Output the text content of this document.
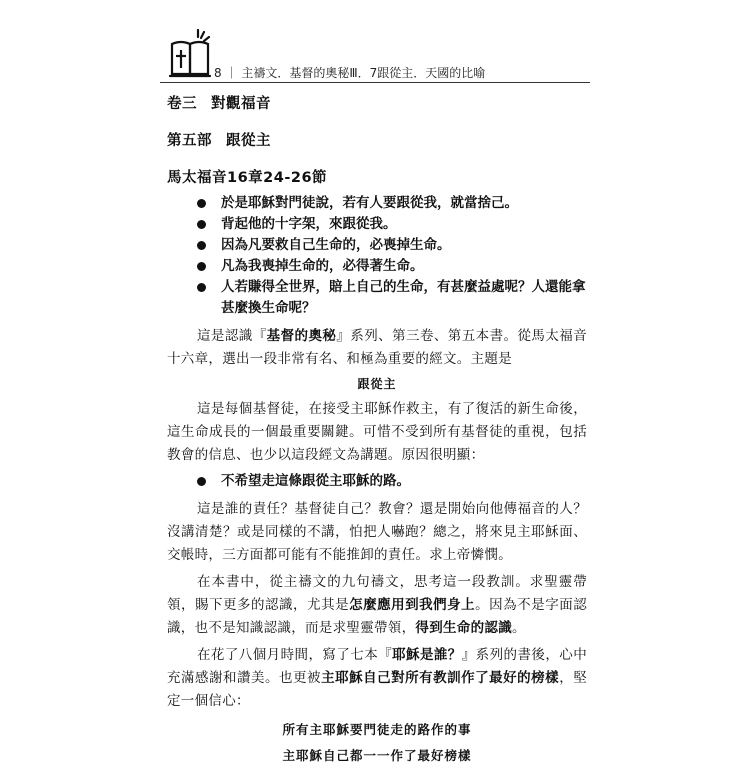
8 ｜ 主禱文．基督的奧秘Ⅲ．7跟從主．天國的比喻
卷三 對觀福音
第五部 跟從主
馬太福音16章24-26節
於是耶穌對門徒說，若有人要跟從我，就當捨己。
背起他的十字架，來跟從我。
因為凡要救自己生命的，必喪掉生命。
凡為我喪掉生命的，必得著生命。
人若賺得全世界，賠上自己的生命，有甚麼益處呢？人還能拿甚麼換生命呢？

這是認識『基督的奧秘』系列、第三卷、第五本書。從馬太福音十六章，選出一段非常有名、和極為重要的經文。主題是

跟從主

這是每個基督徒，在接受主耶穌作救主，有了復活的新生命後，這生命成長的一個最重要關鍵。可惜不受到所有基督徒的重視，包括教會的信息、也少以這段經文為講題。原因很明顯：

不希望走這條跟從主耶穌的路。

這是誰的責任？基督徒自己？教會？還是開始向他傳福音的人？沒講清楚？或是同樣的不講，怕把人嚇跑？總之，將來見主耶穌面、交帳時，三方面都可能有不能推卸的責任。求上帝憐憫。

在本書中，從主禱文的九句禱文，思考這一段教訓。求聖靈帶領，賜下更多的認識，尤其是怎麼應用到我們身上。因為不是字面認識，也不是知識認識，而是求聖靈帶領，得到生命的認識。

在花了八個月時間，寫了七本『耶穌是誰？』系列的書後，心中充滿感謝和讚美。也更被主耶穌自己對所有教訓作了最好的榜樣，堅定一個信心：

所有主耶穌要門徒走的路作的事
主耶穌自己都一一作了最好榜樣
